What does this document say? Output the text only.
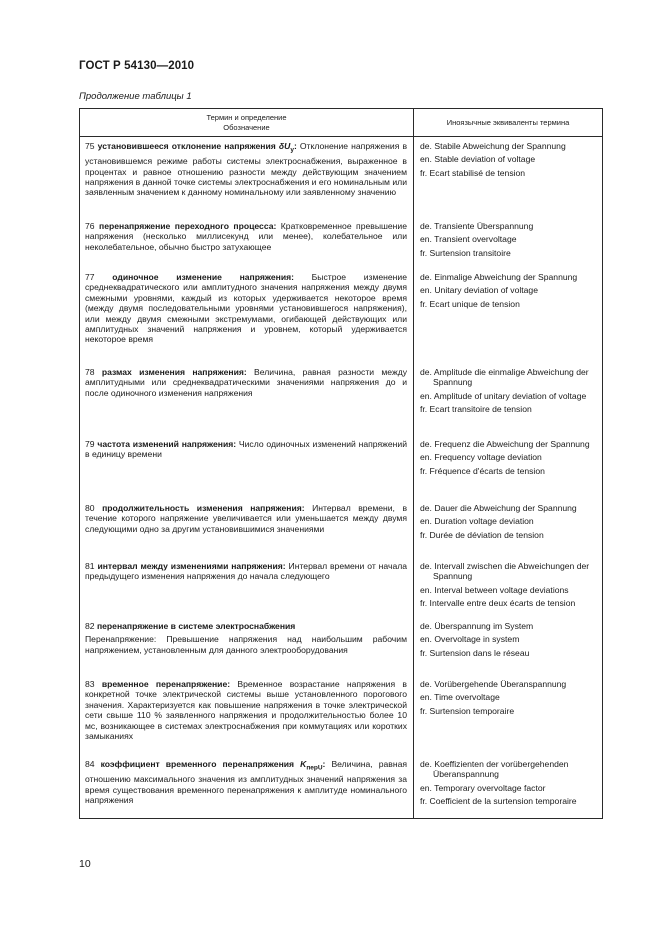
ГОСТ Р 54130—2010
Продолжение таблицы 1
Термин и определение
Обозначение
Иноязычные эквиваленты термина
75 установившееся отклонение напряжения $\delta U_y$: Отклонение напряжения в установившемся режиме работы системы электроснабжения, выраженное в процентах и равное отношению разности между действующим значением напряжения в данной точке системы электроснабжения и его номинальным или заявленным значением к данному номинальному или заявленному значению
de. Stabile Abweichung der Spannung
en. Stable deviation of voltage
fr. Ecart stabilisé de tension
76 перенапряжение переходного процесса: Кратковременное превышение напряжения (несколько миллисекунд или менее), колебательное или неколебательное, обычно быстро затухающее
de. Transiente Überspannung
en. Transient overvoltage
fr. Surtension transitoire
77 одиночное изменение напряжения: Быстрое изменение среднеквадратического или амплитудного значения напряжения между двумя смежными уровнями, каждый из которых удерживается некоторое время (между двумя последовательными уровнями установившегося напряжения), или между двумя смежными экстремумами, огибающей действующих или амплитудных значений напряжения и уровнем, который удерживается некоторое время
de. Einmalige Abweichung der Spannung
en. Unitary deviation of voltage
fr. Ecart unique de tension
78 размах изменения напряжения: Величина, равная разности между амплитудными или среднеквадратическими значениями напряжения до и после одиночного изменения напряжения
de. Amplitude die einmalige Abweichung der Spannung
en. Amplitude of unitary deviation of voltage
fr. Ecart transitoire de tension
79 частота изменений напряжения: Число одиночных изменений напряжений в единицу времени
de. Frequenz die Abweichung der Spannung
en. Frequency voltage deviation
fr. Fréquence d'écarts de tension
80 продолжительность изменения напряжения: Интервал времени, в течение которого напряжение увеличивается или уменьшается между двумя следующими одно за другим установившимися значениями
de. Dauer die Abweichung der Spannung
en. Duration voltage deviation
fr. Durée de déviation de tension
81 интервал между изменениями напряжения: Интервал времени от начала предыдущего изменения напряжения до начала следующего
de. Intervall zwischen die Abweichungen der Spannung
en. Interval between voltage deviations
fr. Intervalle entre deux écarts de tension

82 перенапряжение в системе электроснабжения

Перенапряжение: Превышение напряжения над наибольшим рабочим напряжением, установленным для данного электрооборудования

de. Überspannung im System
en. Overvoltage in system
fr. Surtension dans le réseau
83 временное перенапряжение: Временное возрастание напряжения в конкретной точке электрической системы выше установленного порогового значения. Характеризуется как повышение напряжения в точке электрической сети свыше 110 % заявленного напряжения и продолжительностью более 10 мс, возникающее в системах электроснабжения при коммутациях или коротких замыканиях
de. Vorübergehende Überanspannung
en. Time overvoltage
fr. Surtension temporaire
84 коэффициент временного перенапряжения $K_{перU}$: Величина, равная отношению максимального значения из амплитудных значений напряжения за время существования временного перенапряжения к амплитуде номинального напряжения
de. Koeffizienten der vorübergehenden Überanspannung
en. Temporary overvoltage factor
fr. Coefficient de la surtension temporaire
10
